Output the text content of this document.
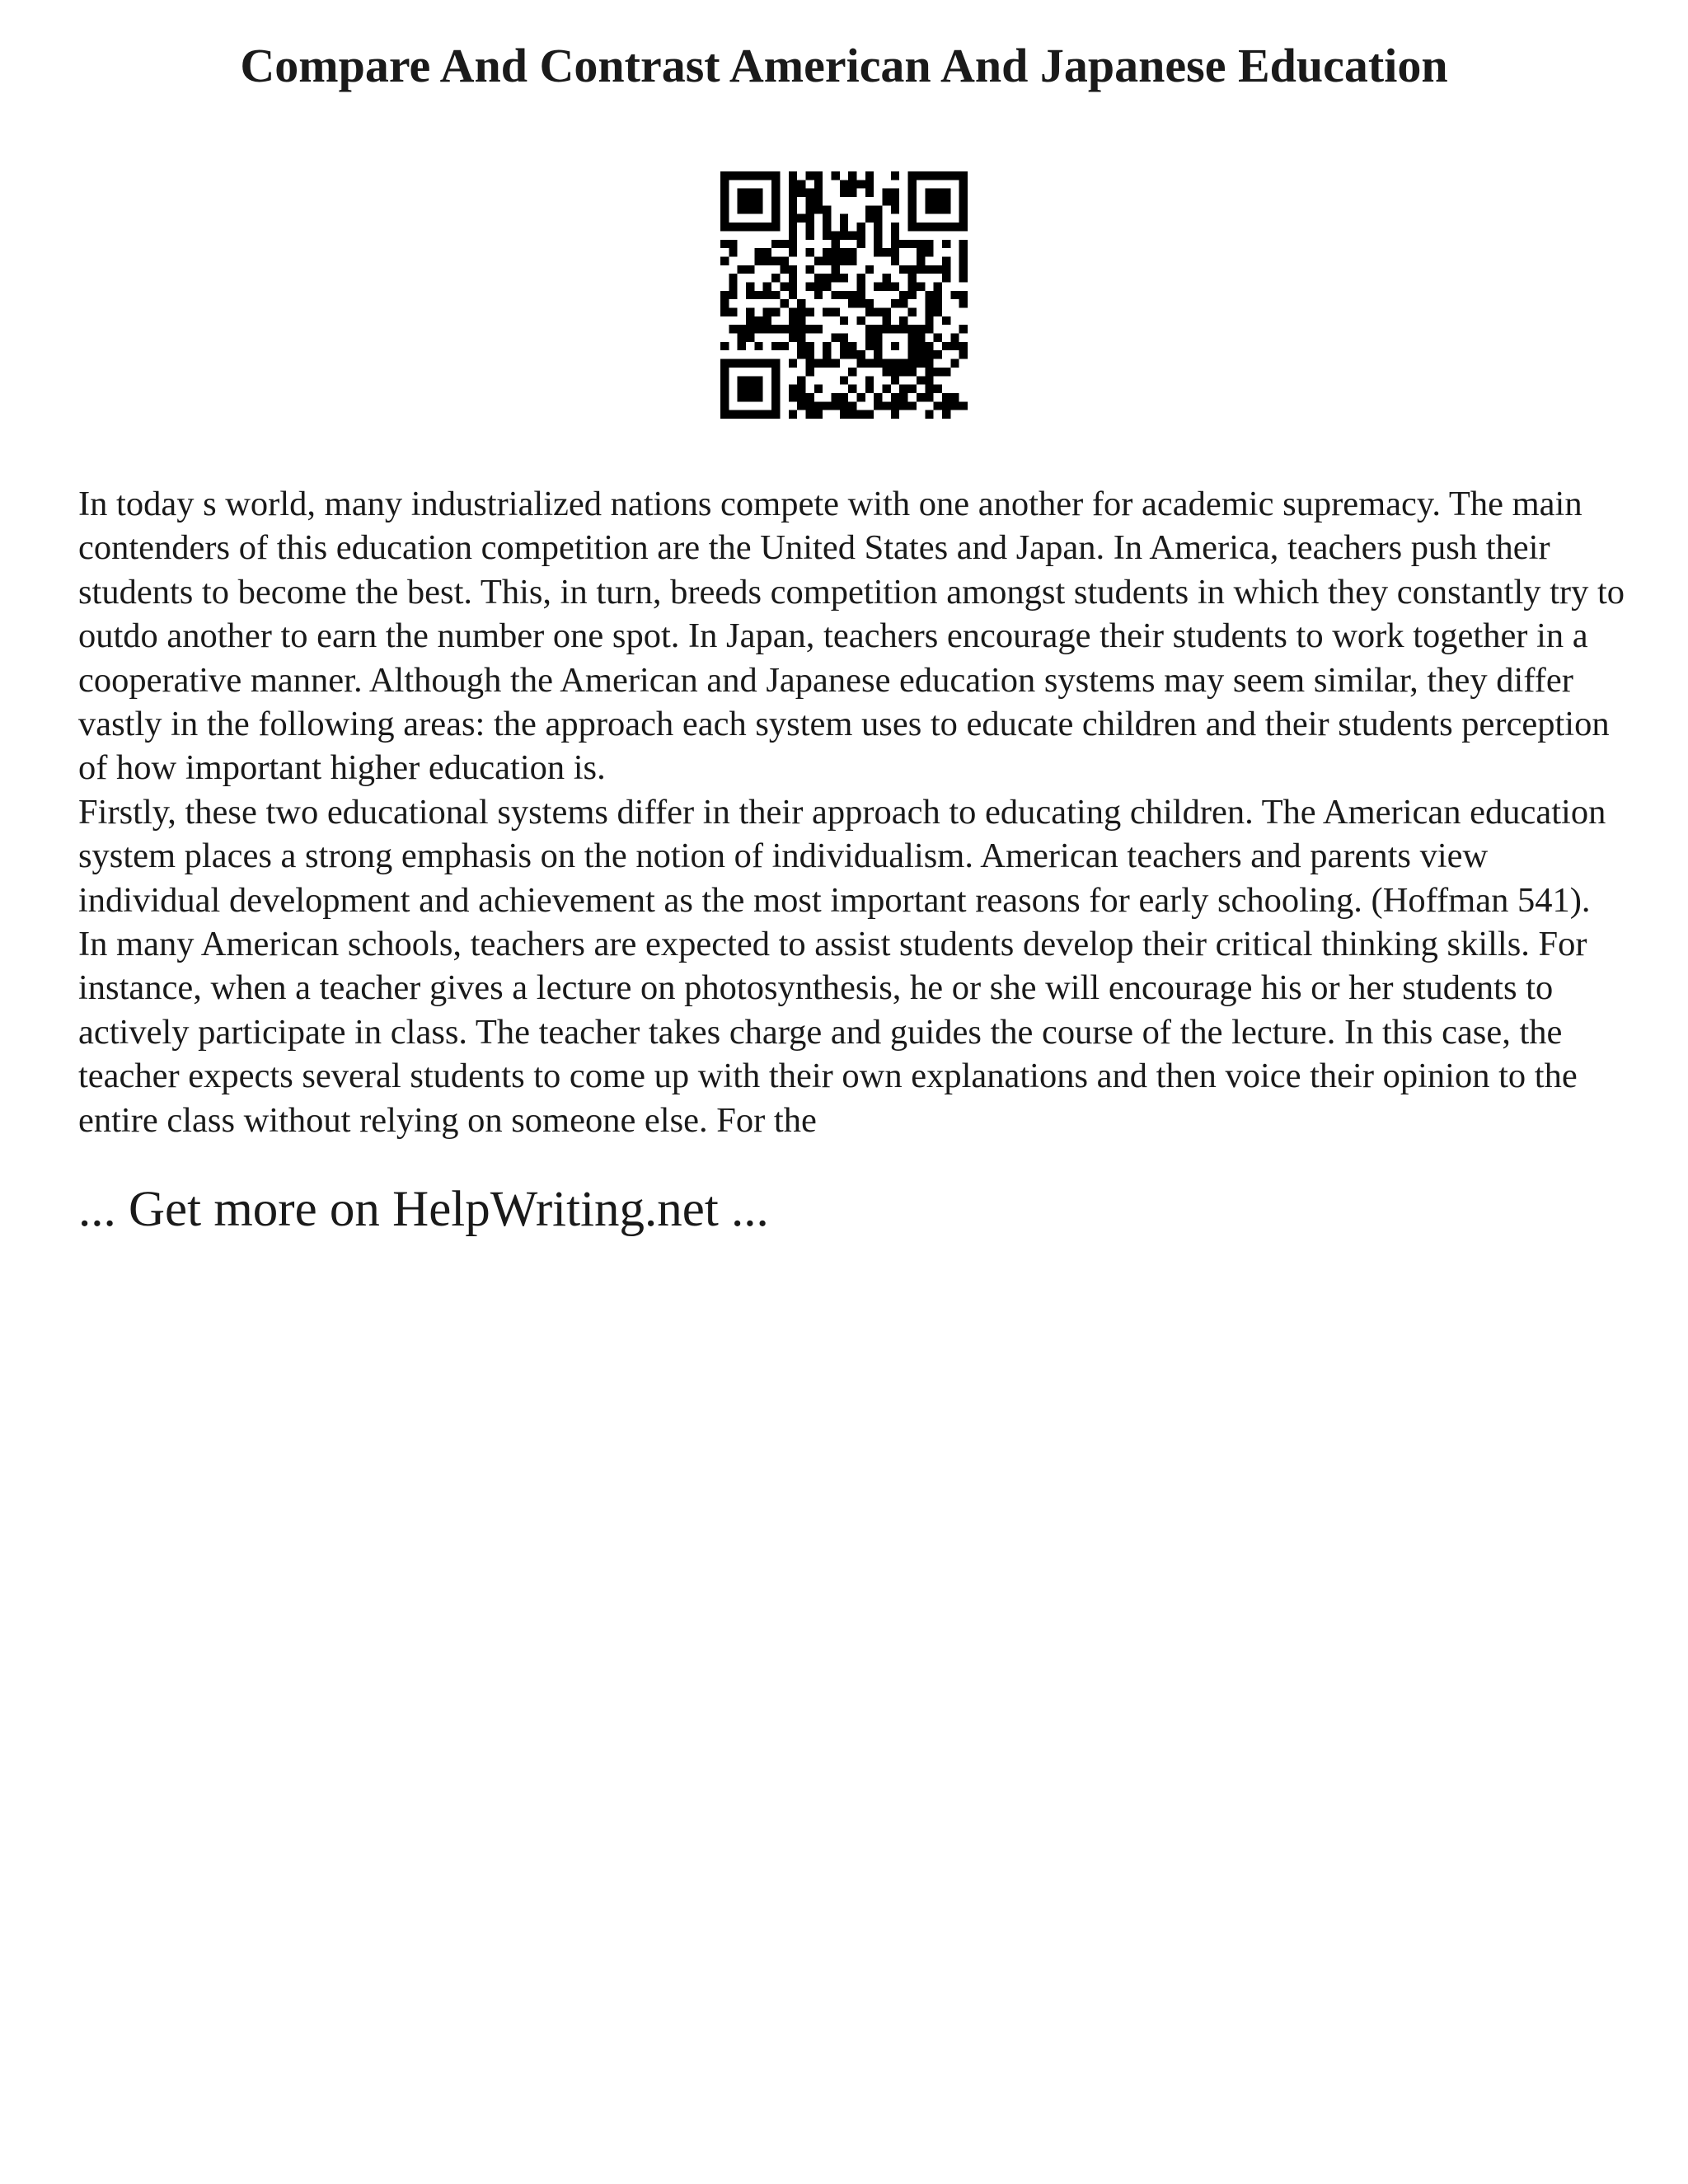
Compare And Contrast American And Japanese Education

In today s world, many industrialized nations compete with one another for academic supremacy. The main contenders of this education competition are the United States and Japan. In America, teachers push their students to become the best. This, in turn, breeds competition amongst students in which they constantly try to outdo another to earn the number one spot. In Japan, teachers encourage their students to work together in a cooperative manner. Although the American and Japanese education systems may seem similar, they differ vastly in the following areas: the approach each system uses to educate children and their students perception of how important higher education is.

Firstly, these two educational systems differ in their approach to educating children. The American education system places a strong emphasis on the notion of individualism. American teachers and parents view individual development and achievement as the most important reasons for early schooling. (Hoffman 541). In many American schools, teachers are expected to assist students develop their critical thinking skills. For instance, when a teacher gives a lecture on photosynthesis, he or she will encourage his or her students to actively participate in class. The teacher takes charge and guides the course of the lecture. In this case, the teacher expects several students to come up with their own explanations and then voice their opinion to the entire class without relying on someone else. For the

... Get more on HelpWriting.net ...
